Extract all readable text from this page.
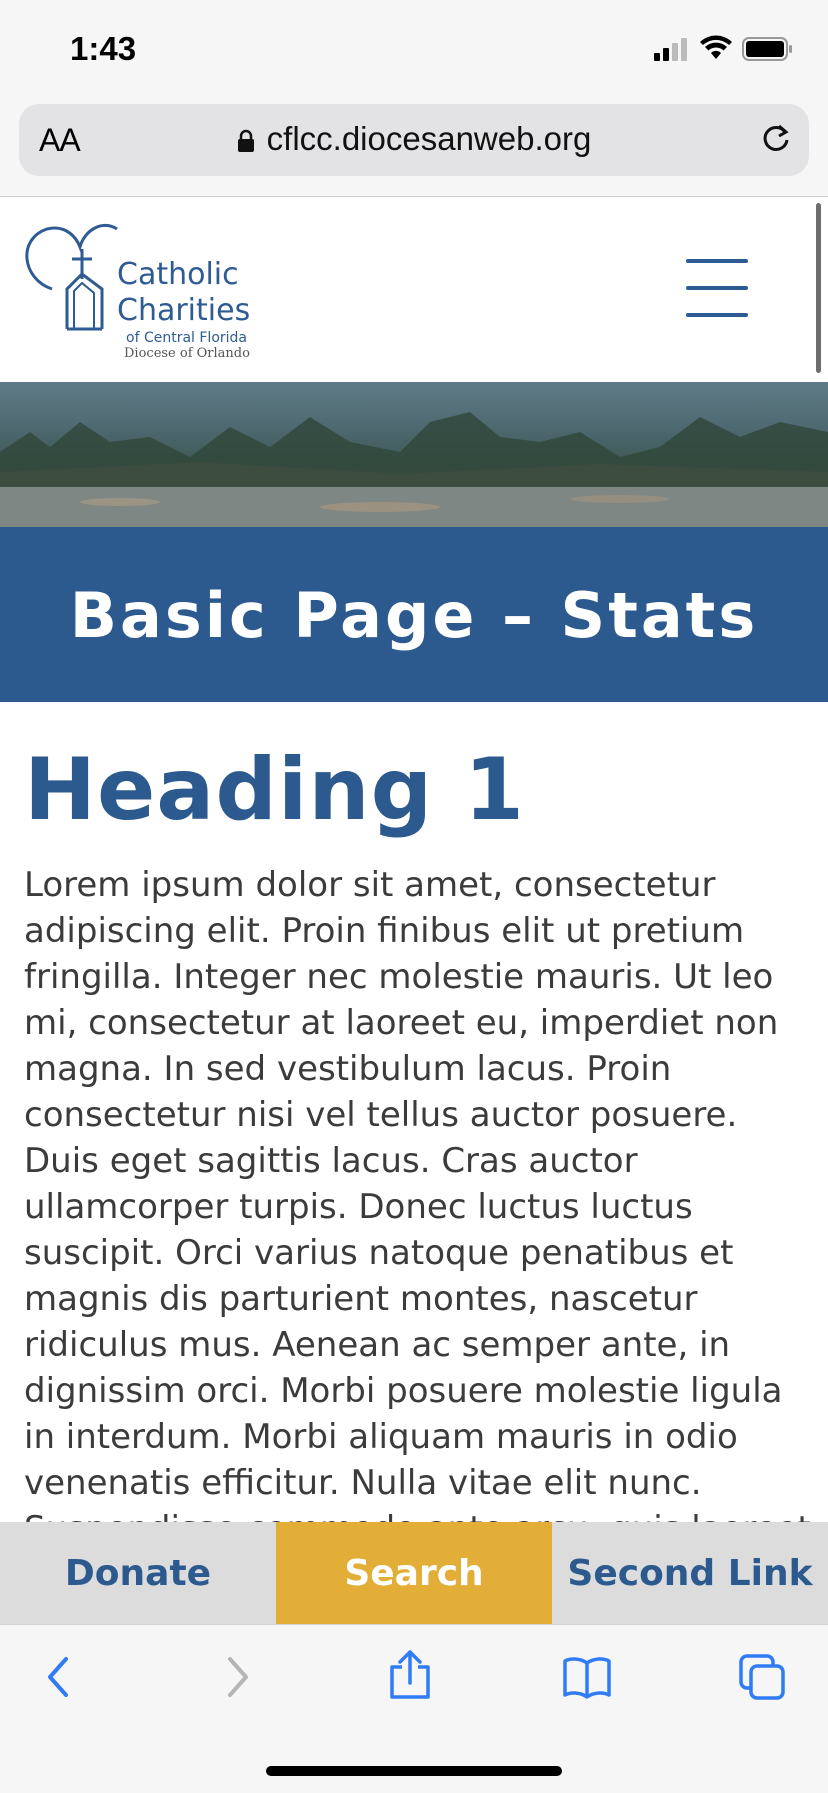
1:43
AA	cflcc.diocesanweb.org
Catholic
Charities
of Central Florida
Diocese of Orlando
Basic Page – Stats
Heading 1
Lorem ipsum dolor sit amet, consectetur
adipiscing elit. Proin finibus elit ut pretium
fringilla. Integer nec molestie mauris. Ut leo
mi, consectetur at laoreet eu, imperdiet non
magna. In sed vestibulum lacus. Proin
consectetur nisi vel tellus auctor posuere.
Duis eget sagittis lacus. Cras auctor
ullamcorper turpis. Donec luctus luctus
suscipit. Orci varius natoque penatibus et
magnis dis parturient montes, nascetur
ridiculus mus. Aenean ac semper ante, in
dignissim orci. Morbi posuere molestie ligula
in interdum. Morbi aliquam mauris in odio
venenatis efficitur. Nulla vitae elit nunc.
Donate	Search	Second Link
